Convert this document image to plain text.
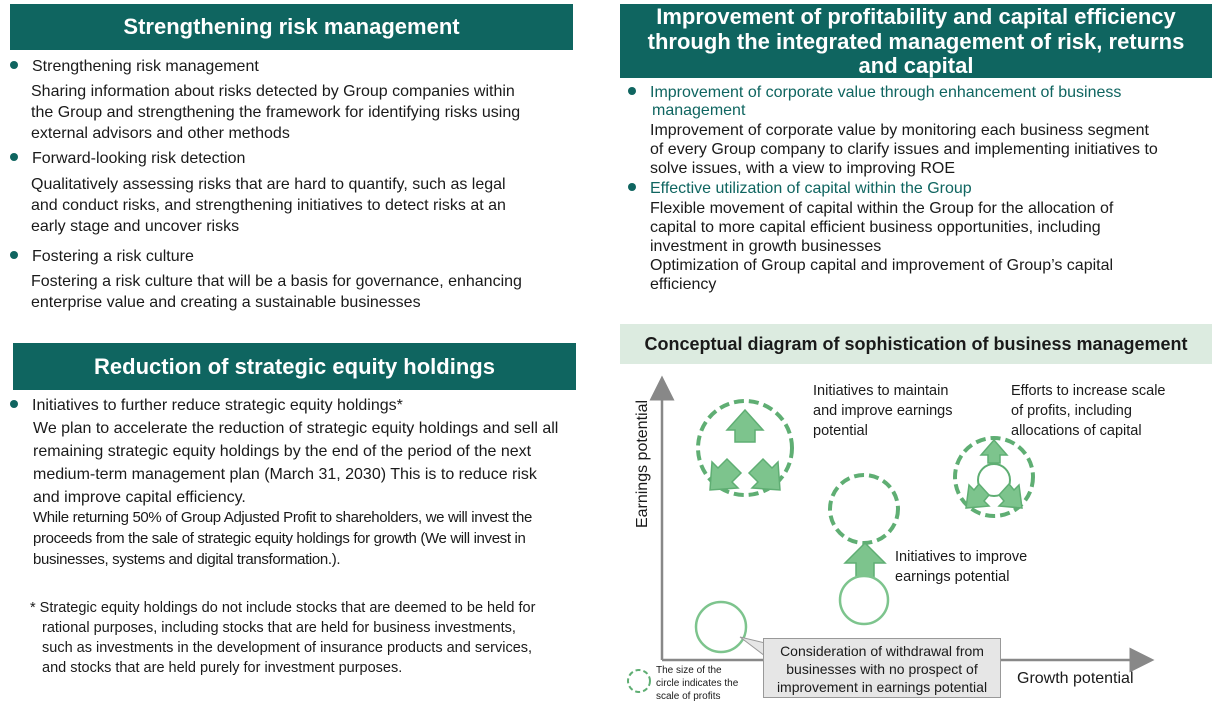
Strengthening risk management
Strengthening risk management
Sharing information about risks detected by Group companies within
the Group and strengthening the framework for identifying risks using
external advisors and other methods
Forward-looking risk detection
Qualitatively assessing risks that are hard to quantify, such as legal
and conduct risks, and strengthening initiatives to detect risks at an
early stage and uncover risks
Fostering a risk culture
Fostering a risk culture that will be a basis for governance, enhancing
enterprise value and creating a sustainable businesses
Reduction of strategic equity holdings
Initiatives to further reduce strategic equity holdings*
We plan to accelerate the reduction of strategic equity holdings and sell all
remaining strategic equity holdings by the end of the period of the next
medium-term management plan (March 31, 2030) This is to reduce risk
and improve capital efficiency.
While returning 50% of Group Adjusted Profit to shareholders, we will invest the
proceeds from the sale of strategic equity holdings for growth (We will invest in
businesses, systems and digital transformation.).
* Strategic equity holdings do not include stocks that are deemed to be held for
rational purposes, including stocks that are held for business investments,
such as investments in the development of insurance products and services,
and stocks that are held purely for investment purposes.
Improvement of profitability and capital efficiency
through the integrated management of risk, returns
and capital
Improvement of corporate value through enhancement of business
management
Improvement of corporate value by monitoring each business segment
of every Group company to clarify issues and implementing initiatives to
solve issues, with a view to improving ROE
Effective utilization of capital within the Group
Flexible movement of capital within the Group for the allocation of
capital to more capital efficient business opportunities, including
investment in growth businesses
Optimization of Group capital and improvement of Group’s capital
efficiency
Conceptual diagram of sophistication of business management
Earnings potential
Growth potential
Initiatives to maintain
and improve earnings
potential
Efforts to increase scale
of profits, including
allocations of capital
Initiatives to improve
earnings potential
Consideration of withdrawal from
businesses with no prospect of
improvement in earnings potential
The size of the
circle indicates the
scale of profits
